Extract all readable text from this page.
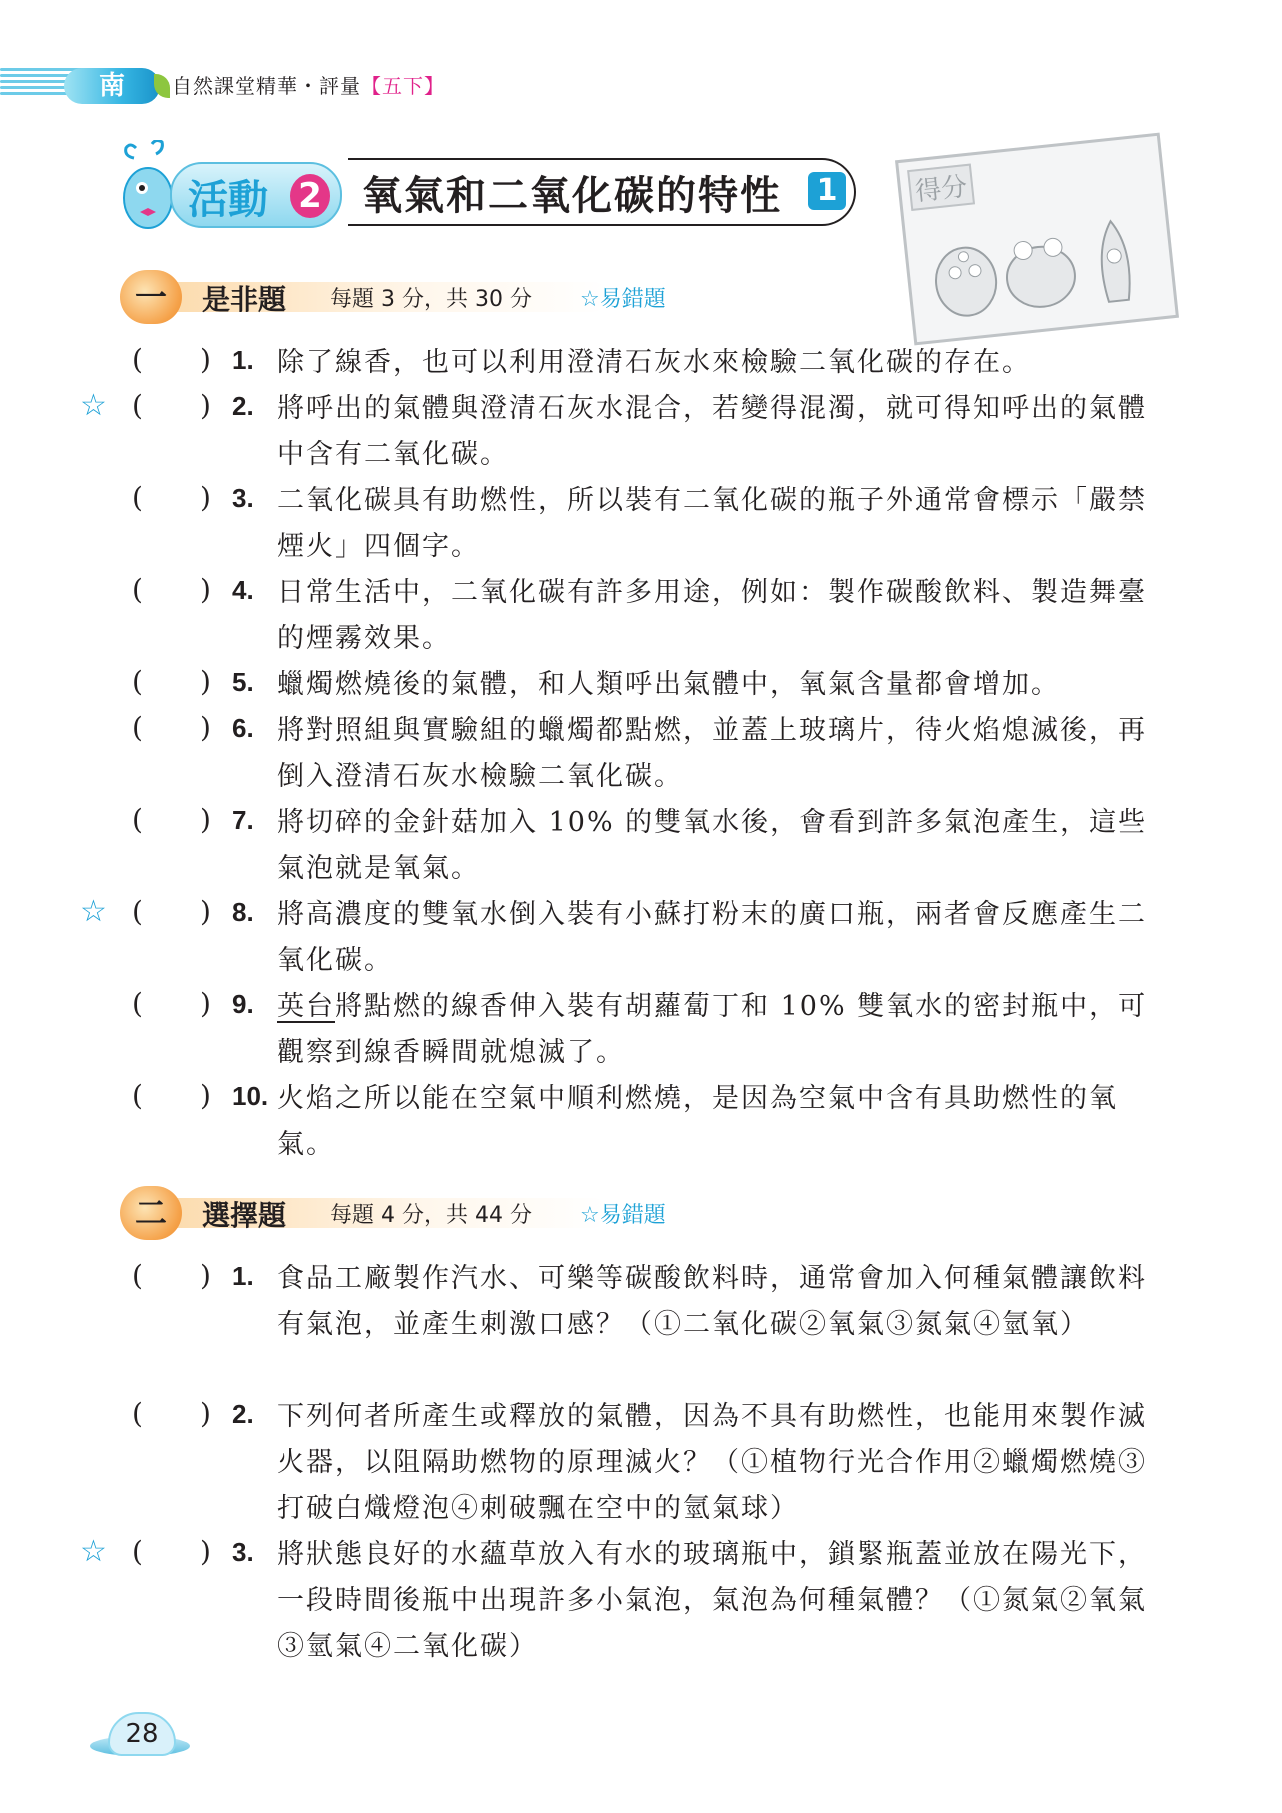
南	自然課堂精華・評量【五下】
活動 2 氧氣和二氧化碳的特性 1	得分
一	是非題 每題 3 分，共 30 分 ☆易錯題
( ) 1. 除了線香，也可以利用澄清石灰水來檢驗二氧化碳的存在。
☆ ( ) 2. 將呼出的氣體與澄清石灰水混合，若變得混濁，就可得知呼出的氣體中含有二氧化碳。
( ) 3. 二氧化碳具有助燃性，所以裝有二氧化碳的瓶子外通常會標示「嚴禁煙火」四個字。
( ) 4. 日常生活中，二氧化碳有許多用途，例如：製作碳酸飲料、製造舞臺的煙霧效果。
( ) 5. 蠟燭燃燒後的氣體，和人類呼出氣體中，氧氣含量都會增加。
( ) 6. 將對照組與實驗組的蠟燭都點燃，並蓋上玻璃片，待火焰熄滅後，再倒入澄清石灰水檢驗二氧化碳。
( ) 7. 將切碎的金針菇加入 10% 的雙氧水後，會看到許多氣泡產生，這些氣泡就是氧氣。
☆ ( ) 8. 將高濃度的雙氧水倒入裝有小蘇打粉末的廣口瓶，兩者會反應產生二氧化碳。
( ) 9. 英台將點燃的線香伸入裝有胡蘿蔔丁和 10% 雙氧水的密封瓶中，可觀察到線香瞬間就熄滅了。
( ) 10. 火焰之所以能在空氣中順利燃燒，是因為空氣中含有具助燃性的氧氣。
二	選擇題 每題 4 分，共 44 分 ☆易錯題
( ) 1. 食品工廠製作汽水、可樂等碳酸飲料時，通常會加入何種氣體讓飲料有氣泡，並產生刺激口感？（①二氧化碳②氧氣③氮氣④氫氧）
( ) 2. 下列何者所產生或釋放的氣體，因為不具有助燃性，也能用來製作滅火器，以阻隔助燃物的原理滅火？（①植物行光合作用②蠟燭燃燒③打破白熾燈泡④刺破飄在空中的氫氣球）
☆ ( ) 3. 將狀態良好的水蘊草放入有水的玻璃瓶中，鎖緊瓶蓋並放在陽光下，一段時間後瓶中出現許多小氣泡，氣泡為何種氣體？（①氮氣②氧氣③氫氣④二氧化碳）
28
